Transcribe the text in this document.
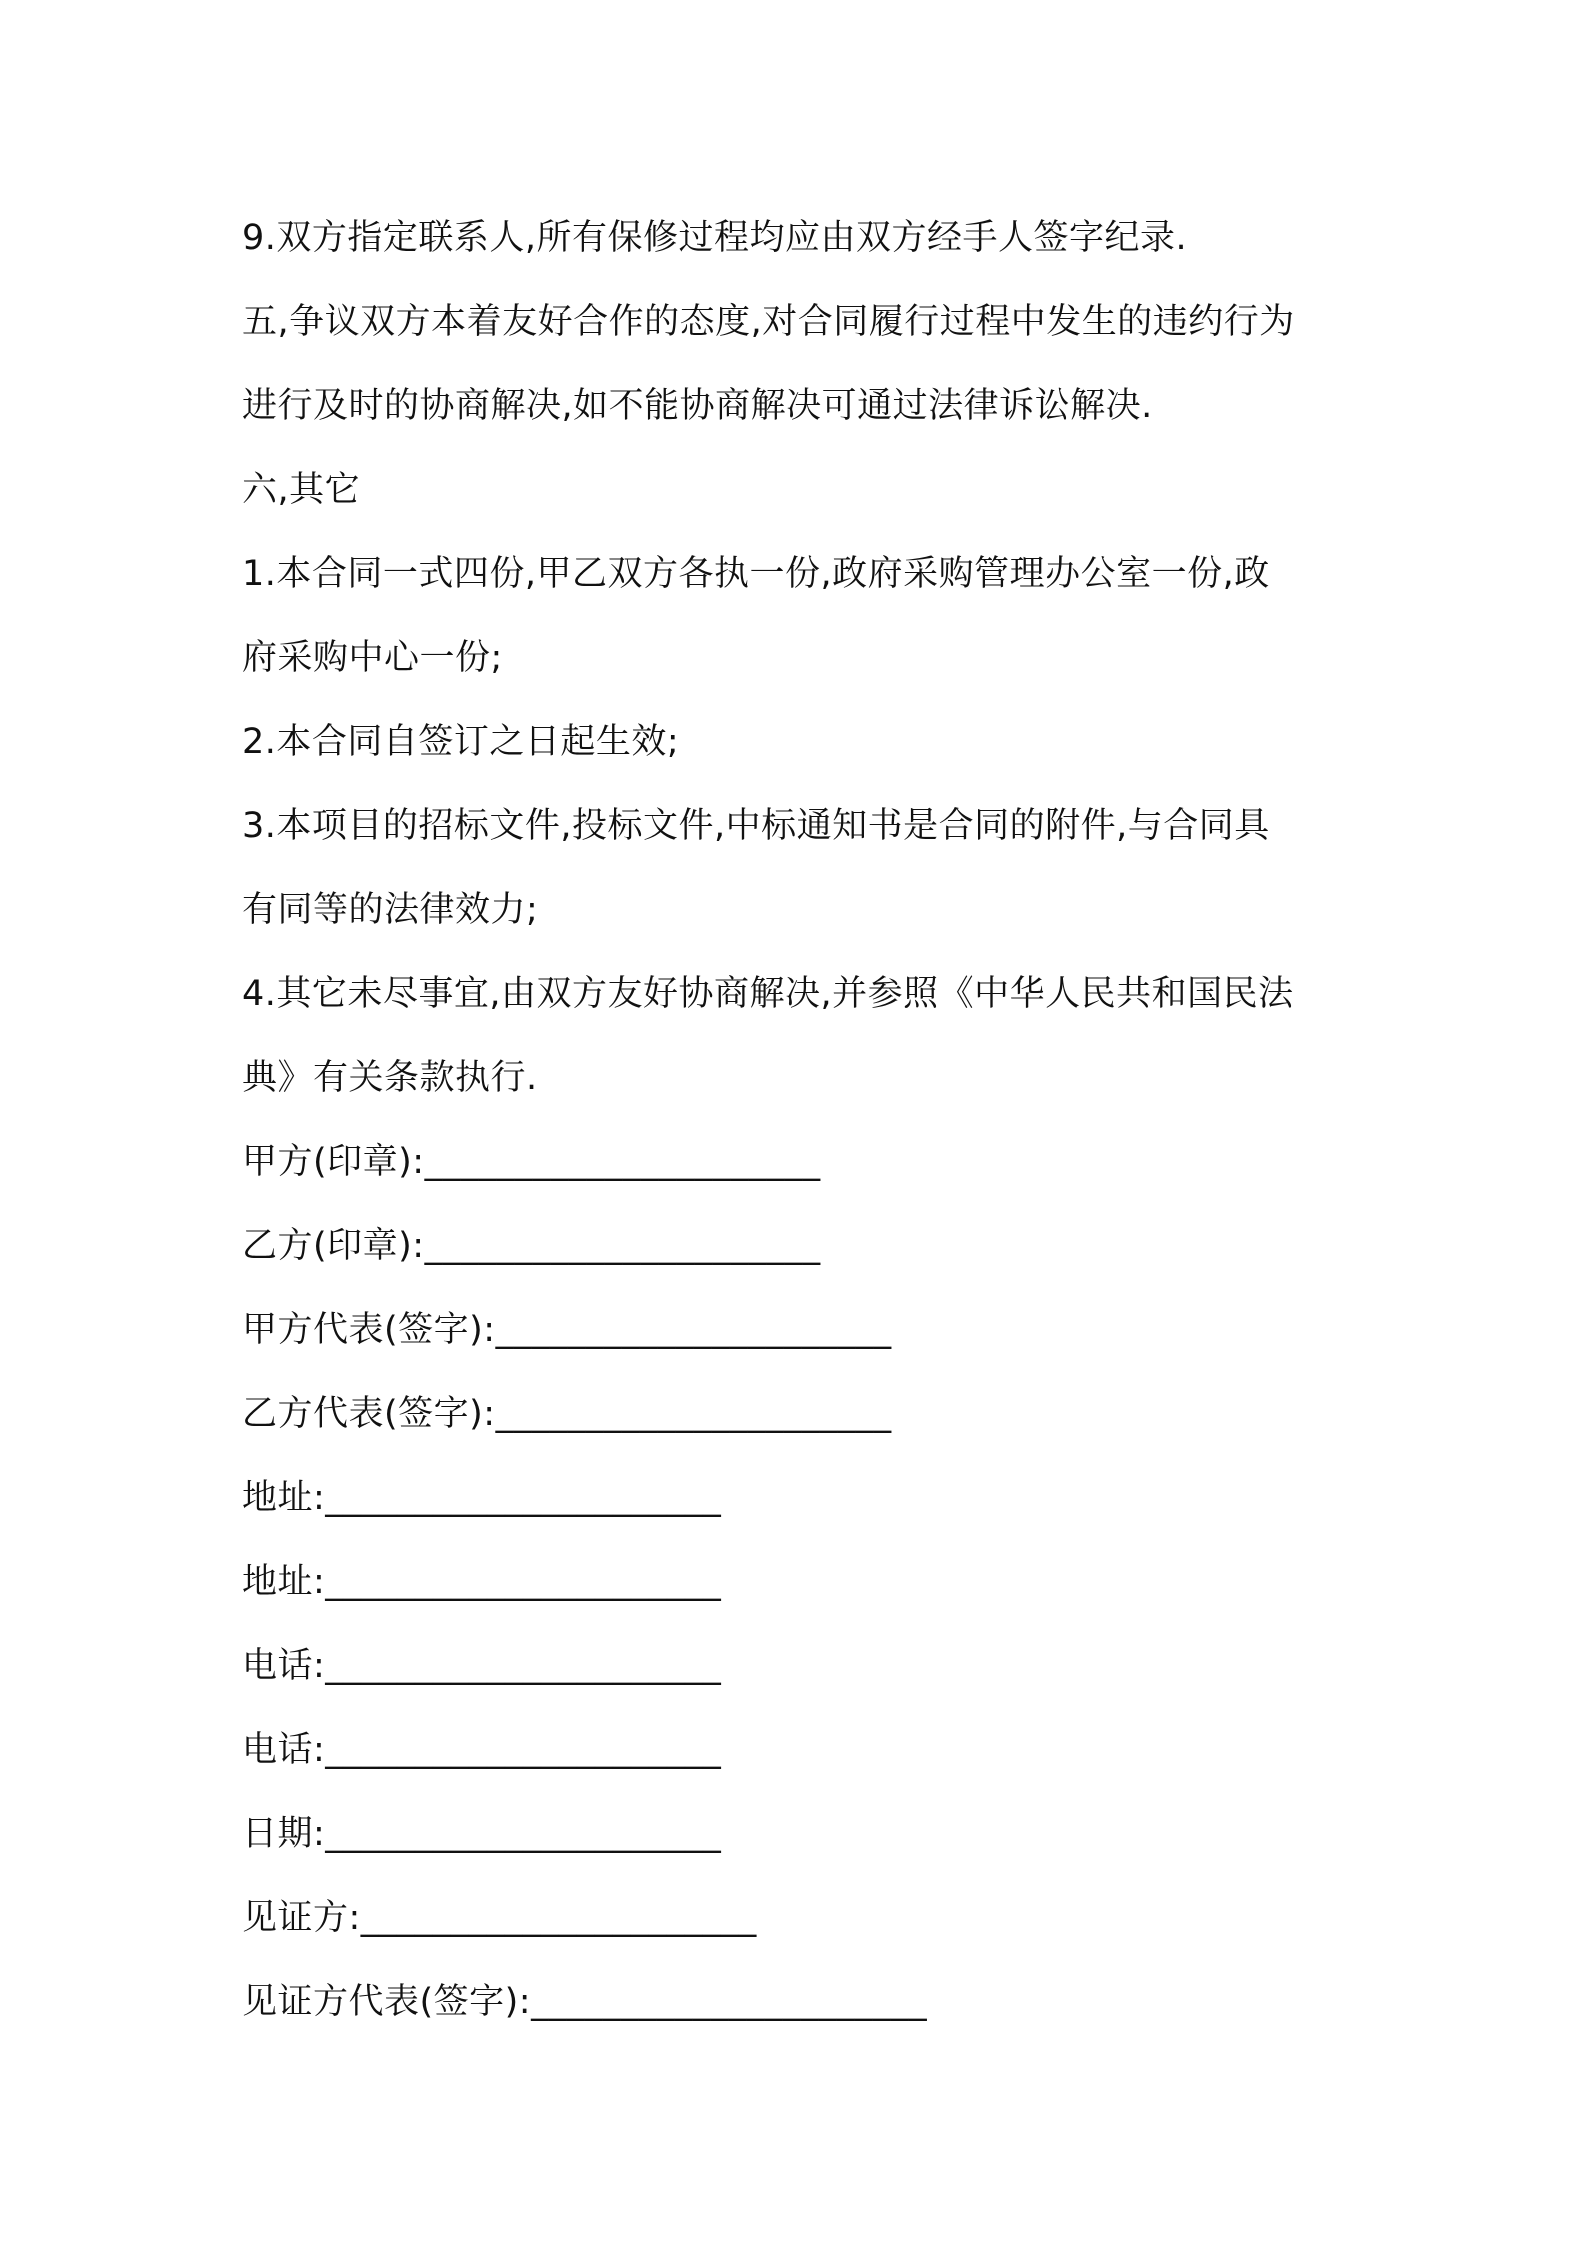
9.双方指定联系人,所有保修过程均应由双方经手人签字纪录.
五,争议双方本着友好合作的态度,对合同履行过程中发生的违约行为
进行及时的协商解决,如不能协商解决可通过法律诉讼解决.
六,其它
1.本合同一式四份,甲乙双方各执一份,政府采购管理办公室一份,政
府采购中心一份;
2.本合同自签订之日起生效;
3.本项目的招标文件,投标文件,中标通知书是合同的附件,与合同具
有同等的法律效力;
4.其它未尽事宜,由双方友好协商解决,并参照《中华人民共和国民法
典》有关条款执行.
甲方(印章):______________________
乙方(印章):______________________
甲方代表(签字):______________________
乙方代表(签字):______________________
地址:______________________
地址:______________________
电话:______________________
电话:______________________
日期:______________________
见证方:______________________
见证方代表(签字):______________________
